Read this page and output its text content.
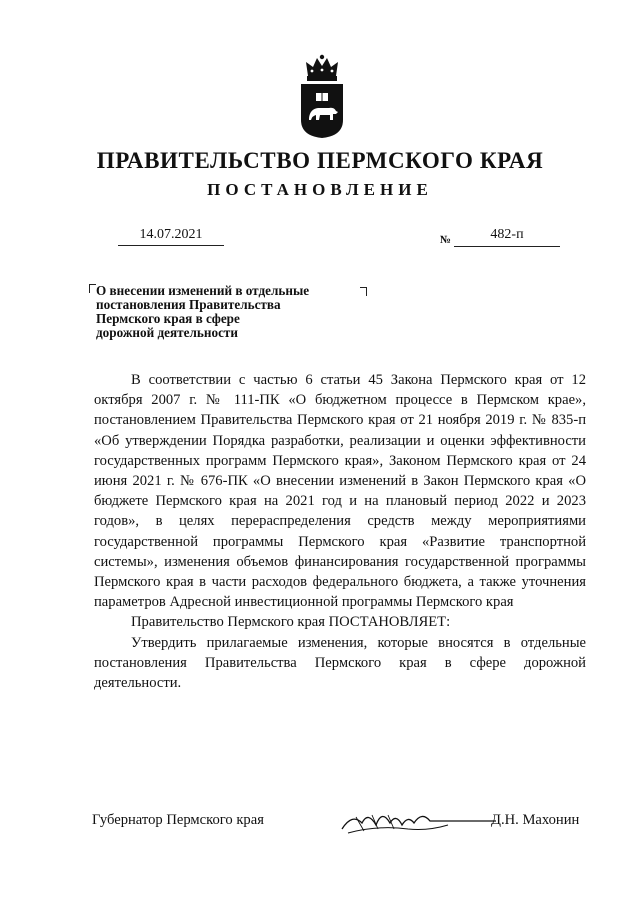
ПРАВИТЕЛЬСТВО ПЕРМСКОГО КРАЯ
ПОСТАНОВЛЕНИЕ
14.07.2021	№	482-п
О внесении изменений в отдельные
постановления Правительства
Пермского края в сфере
дорожной деятельности

В соответствии с частью 6 статьи 45 Закона Пермского края от 12 октября 2007 г. № 111-ПК «О бюджетном процессе в Пермском крае», постановлением Правительства Пермского края от 21 ноября 2019 г. № 835-п «Об утверждении Порядка разработки, реализации и оценки эффективности государственных программ Пермского края», Законом Пермского края от 24 июня 2021 г. № 676-ПК «О внесении изменений в Закон Пермского края «О бюджете Пермского края на 2021 год и на плановый период 2022 и 2023 годов», в целях перераспределения средств между мероприятиями государственной программы Пермского края «Развитие транспортной системы», изменения объемов финансирования государственной программы Пермского края в части расходов федерального бюджета, а также уточнения параметров Адресной инвестиционной программы Пермского края

Правительство Пермского края ПОСТАНОВЛЯЕТ:

Утвердить прилагаемые изменения, которые вносятся в отдельные постановления Правительства Пермского края в сфере дорожной деятельности.

Губернатор Пермского края	Д.Н. Махонин
